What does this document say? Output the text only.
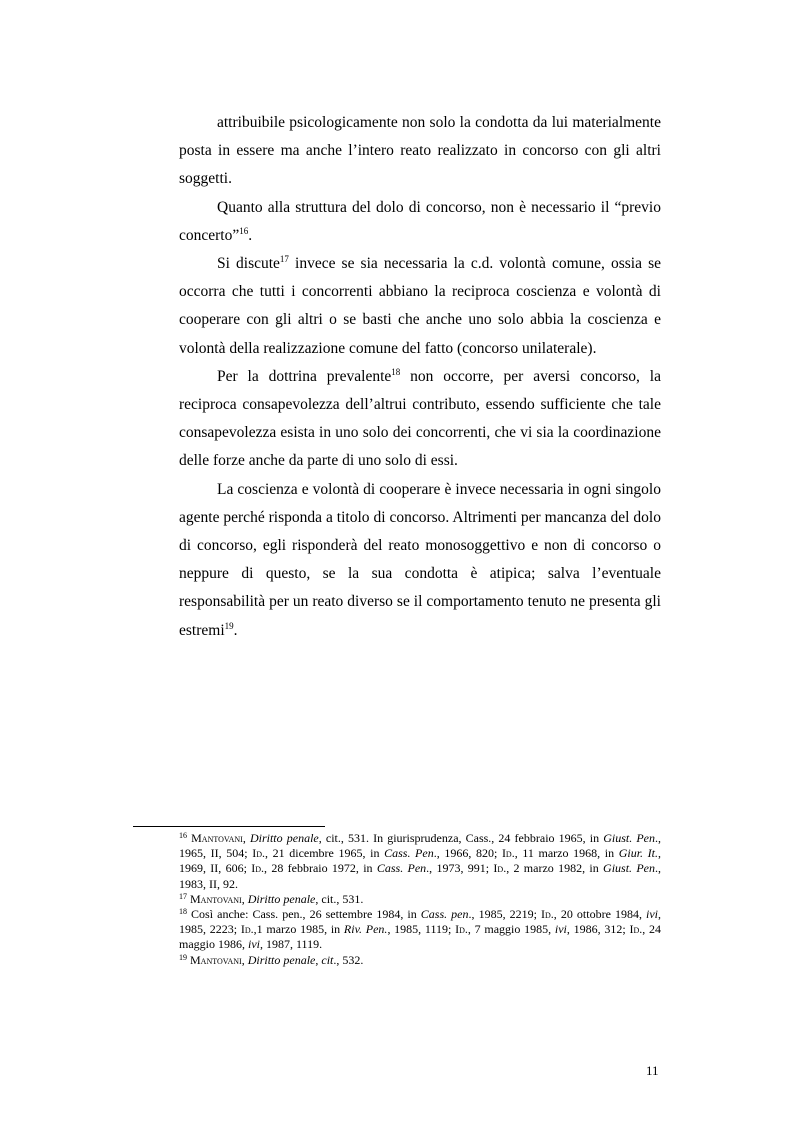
attribuibile psicologicamente non solo la condotta da lui materialmente posta in essere ma anche l’intero reato realizzato in concorso con gli altri soggetti.

Quanto alla struttura del dolo di concorso, non è necessario il “previo concerto”$^{16}$.

Si discute$^{17}$ invece se sia necessaria la c.d. volontà comune, ossia se occorra che tutti i concorrenti abbiano la reciproca coscienza e volontà di cooperare con gli altri o se basti che anche uno solo abbia la coscienza e volontà della realizzazione comune del fatto (concorso unilaterale).

Per la dottrina prevalente$^{18}$ non occorre, per aversi concorso, la reciproca consapevolezza dell’altrui contributo, essendo sufficiente che tale consapevolezza esista in uno solo dei concorrenti, che vi sia la coordinazione delle forze anche da parte di uno solo di essi.

La coscienza e volontà di cooperare è invece necessaria in ogni singolo agente perché risponda a titolo di concorso. Altrimenti per mancanza del dolo di concorso, egli risponderà del reato monosoggettivo e non di concorso o neppure di questo, se la sua condotta è atipica; salva l’eventuale responsabilità per un reato diverso se il comportamento tenuto ne presenta gli estremi$^{19}$.

$^{16}$ Mantovani, Diritto penale, cit., 531. In giurisprudenza, Cass., 24 febbraio 1965, in Giust. Pen., 1965, II, 504; Id., 21 dicembre 1965, in Cass. Pen., 1966, 820; Id., 11 marzo 1968, in Giur. It., 1969, II, 606; Id., 28 febbraio 1972, in Cass. Pen., 1973, 991; Id., 2 marzo 1982, in Giust. Pen., 1983, II, 92.

$^{17}$ Mantovani, Diritto penale, cit., 531.

$^{18}$ Così anche: Cass. pen., 26 settembre 1984, in Cass. pen., 1985, 2219; Id., 20 ottobre 1984, ivi, 1985, 2223; Id.,1 marzo 1985, in Riv. Pen., 1985, 1119; Id., 7 maggio 1985, ivi, 1986, 312; Id., 24 maggio 1986, ivi, 1987, 1119.

$^{19}$ Mantovani, Diritto penale, cit., 532.

11
